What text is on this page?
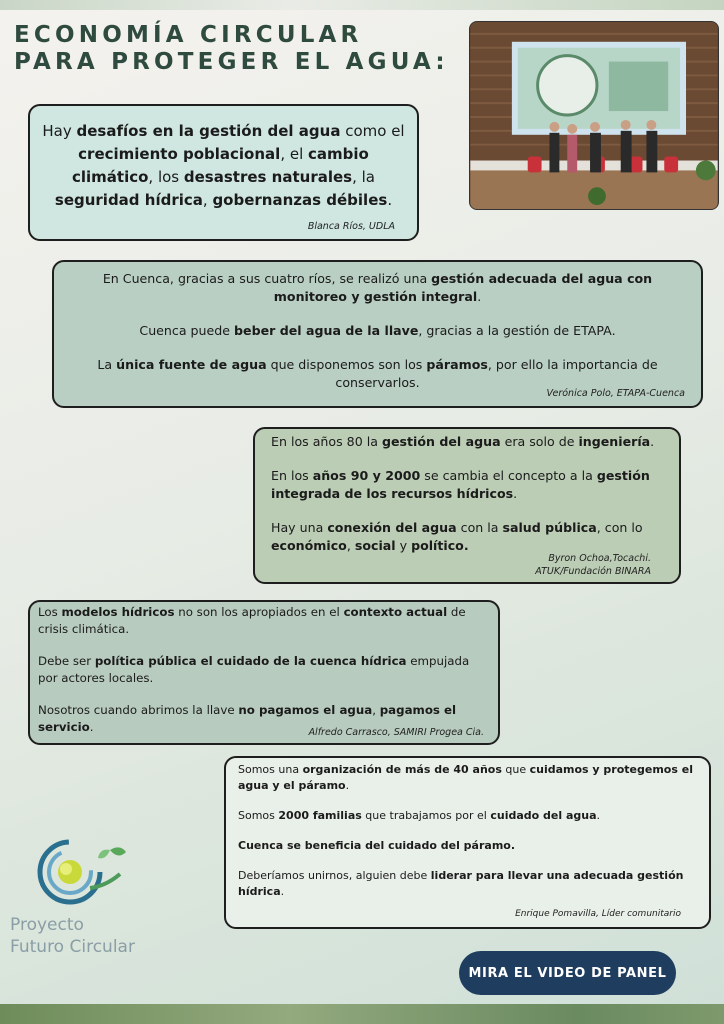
ECONOMÍA CIRCULAR
PARA PROTEGER EL AGUA:

Hay desafíos en la gestión del agua como el crecimiento poblacional, el cambio climático, los desastres naturales, la seguridad hídrica, gobernanzas débiles.

Blanca Ríos, UDLA

En Cuenca, gracias a sus cuatro ríos, se realizó una gestión adecuada del agua con monitoreo y gestión integral.

Cuenca puede beber del agua de la llave, gracias a la gestión de ETAPA.

La única fuente de agua que disponemos son los páramos, por ello la importancia de conservarlos.

Verónica Polo, ETAPA-Cuenca

En los años 80 la gestión del agua era solo de ingeniería.

En los años 90 y 2000 se cambia el concepto a la gestión integrada de los recursos hídricos.

Hay una conexión del agua con la salud pública, con lo
económico, social y político.

Byron Ochoa,Tocachi.
ATUK/Fundación BINARA

Los modelos hídricos no son los apropiados en el contexto actual de crisis climática.

Debe ser política pública el cuidado de la cuenca hídrica empujada por actores locales.

Nosotros cuando abrimos la llave no pagamos el agua, pagamos el servicio.	Alfredo Carrasco, SAMIRI Progea Cia.

Somos una organización de más de 40 años que cuidamos y protegemos el agua y el páramo.

Somos 2000 familias que trabajamos por el cuidado del agua.

Cuenca se beneficia del cuidado del páramo.

Deberíamos unirnos, alguien debe liderar para llevar una adecuada gestión hídrica.

Enrique Pomavilla, Líder comunitario
Proyecto
Futuro Circular
MIRA EL VIDEO DE PANEL
